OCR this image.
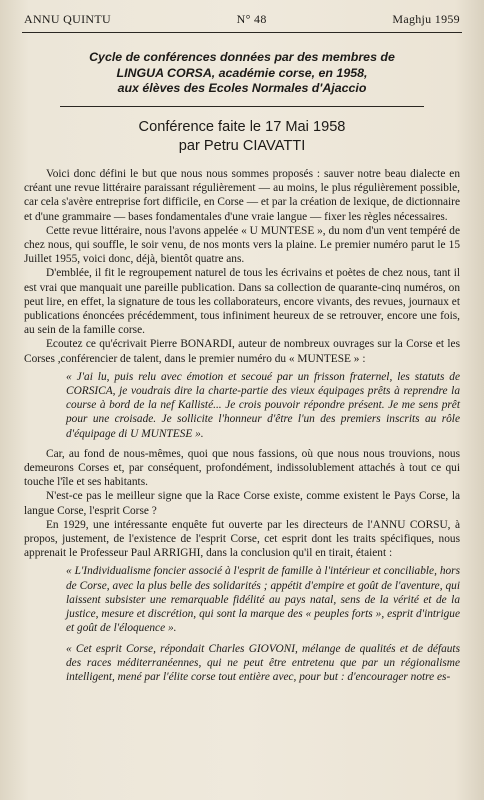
ANNU QUINTU	N° 48	Maghju 1959
Cycle de conférences données par des membres de
LINGUA CORSA, académie corse, en 1958,
aux élèves des Ecoles Normales d'Ajaccio
Conférence faite le 17 Mai 1958
par Petru CIAVATTI

Voici donc défini le but que nous nous sommes proposés : sauver notre beau dialecte en créant une revue littéraire paraissant régulièrement — au moins, le plus régulièrement possible, car cela s'avère entreprise fort difficile, en Corse — et par la création de lexique, de dictionnaire et d'une grammaire — bases fondamentales d'une vraie langue — fixer les règles nécessaires.

Cette revue littéraire, nous l'avons appelée « U MUNTESE », du nom d'un vent tempéré de chez nous, qui souffle, le soir venu, de nos monts vers la plaine. Le premier numéro parut le 15 Juillet 1955, voici donc, déjà, bientôt quatre ans.

D'emblée, il fit le regroupement naturel de tous les écrivains et poètes de chez nous, tant il est vrai que manquait une pareille publication. Dans sa collection de quarante-cinq numéros, on peut lire, en effet, la signature de tous les collaborateurs, encore vivants, des revues, journaux et publications énoncées précédemment, tous infiniment heureux de se retrouver, encore une fois, au sein de la famille corse.

Ecoutez ce qu'écrivait Pierre BONARDI, auteur de nombreux ouvrages sur la Corse et les Corses ,conférencier de talent, dans le premier numéro du « MUNTESE » :

« J'ai lu, puis relu avec émotion et secoué par un frisson fraternel, les statuts de CORSICA, je voudrais dire la charte-partie des vieux équipages prêts à reprendre la course à bord de la nef Kallisté... Je crois pouvoir répondre présent. Je me sens prêt pour une croisade. Je sollicite l'honneur d'être l'un des premiers inscrits au rôle d'équipage di U MUNTESE ».

Car, au fond de nous-mêmes, quoi que nous fassions, où que nous nous trouvions, nous demeurons Corses et, par conséquent, profondément, indissolublement attachés à tout ce qui touche l'île et ses habitants.

N'est-ce pas le meilleur signe que la Race Corse existe, comme existent le Pays Corse, la langue Corse, l'esprit Corse ?

En 1929, une intéressante enquête fut ouverte par les directeurs de l'ANNU CORSU, à propos, justement, de l'existence de l'esprit Corse, cet esprit dont les traits spécifiques, nous apprenait le Professeur Paul ARRIGHI, dans la conclusion qu'il en tirait, étaient :

« L'Individualisme foncier associé à l'esprit de famille à l'intérieur et conciliable, hors de Corse, avec la plus belle des solidarités ; appétit d'empire et goût de l'aventure, qui laissent subsister une remarquable fidélité au pays natal, sens de la vérité et de la justice, mesure et discrétion, qui sont la marque des « peuples forts », esprit d'intrigue et goût de l'éloquence ».

« Cet esprit Corse, répondait Charles GIOVONI, mélange de qualités et de défauts des races méditerranéennes, qui ne peut être entretenu que par un régionalisme intelligent, mené par l'élite corse tout entière avec, pour but : d'encourager notre es-
